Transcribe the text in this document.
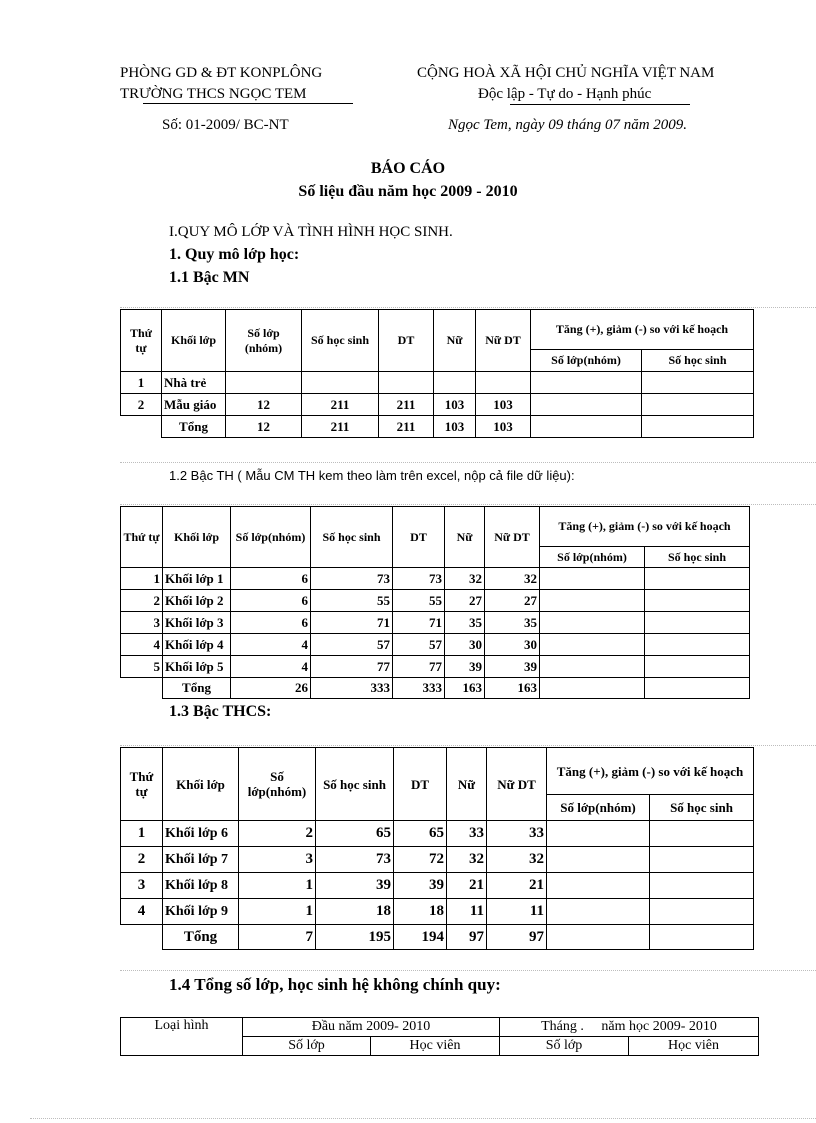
PHÒNG GD & ĐT KONPLÔNG
TRƯỜNG THCS NGỌC TEM
Số: 01-2009/ BC-NT
CỘNG HOÀ XÃ HỘI CHỦ NGHĨA VIỆT NAM
Độc lập - Tự do - Hạnh phúc
Ngọc Tem, ngày 09 tháng 07 năm 2009.
BÁO CÁO
Số liệu đầu năm học 2009 - 2010
I.QUY MÔ LỚP VÀ TÌNH HÌNH HỌC SINH.
1. Quy mô lớp học:
1.1 Bậc MN
Thứ tự	Khối lớp	Số lớp (nhóm)	Số học sinh	DT	Nữ	Nữ DT	Tăng (+), giảm (-) so với kế hoạch	
							Số lớp(nhóm)	Số học sinh
1	Nhà trẻ							
2	Mẫu giáo	12	211	211	103	103		
	Tổng	12	211	211	103	103		
1.2 Bậc TH ( Mẫu CM TH kem theo làm trên excel, nộp cả file dữ liệu):
Thứ tự	Khối lớp	Số lớp(nhóm)	Số học sinh	DT	Nữ	Nữ DT	Tăng (+), giảm (-) so với kế hoạch	
							Số lớp(nhóm)	Số học sinh
1	Khối lớp 1	6	73	73	32	32		
2	Khối lớp 2	6	55	55	27	27		
3	Khối lớp 3	6	71	71	35	35		
4	Khối lớp 4	4	57	57	30	30		
5	Khối lớp 5	4	77	77	39	39		
	Tổng	26	333	333	163	163		
1.3 Bậc THCS:
Thứ tự	Khối lớp	Số lớp(nhóm)	Số học sinh	DT	Nữ	Nữ DT	Tăng (+), giảm (-) so với kế hoạch	
							Số lớp(nhóm)	Số học sinh
1	Khối lớp 6	2	65	65	33	33		
2	Khối lớp 7	3	73	72	32	32		
3	Khối lớp 8	1	39	39	21	21		
4	Khối lớp 9	1	18	18	11	11		
	Tổng	7	195	194	97	97		
1.4 Tổng số lớp, học sinh hệ không chính quy:
Loại hình	Đầu năm 2009- 2010		Tháng .     năm học 2009- 2010	
	Số lớp	Học viên	Số lớp	Học viên
